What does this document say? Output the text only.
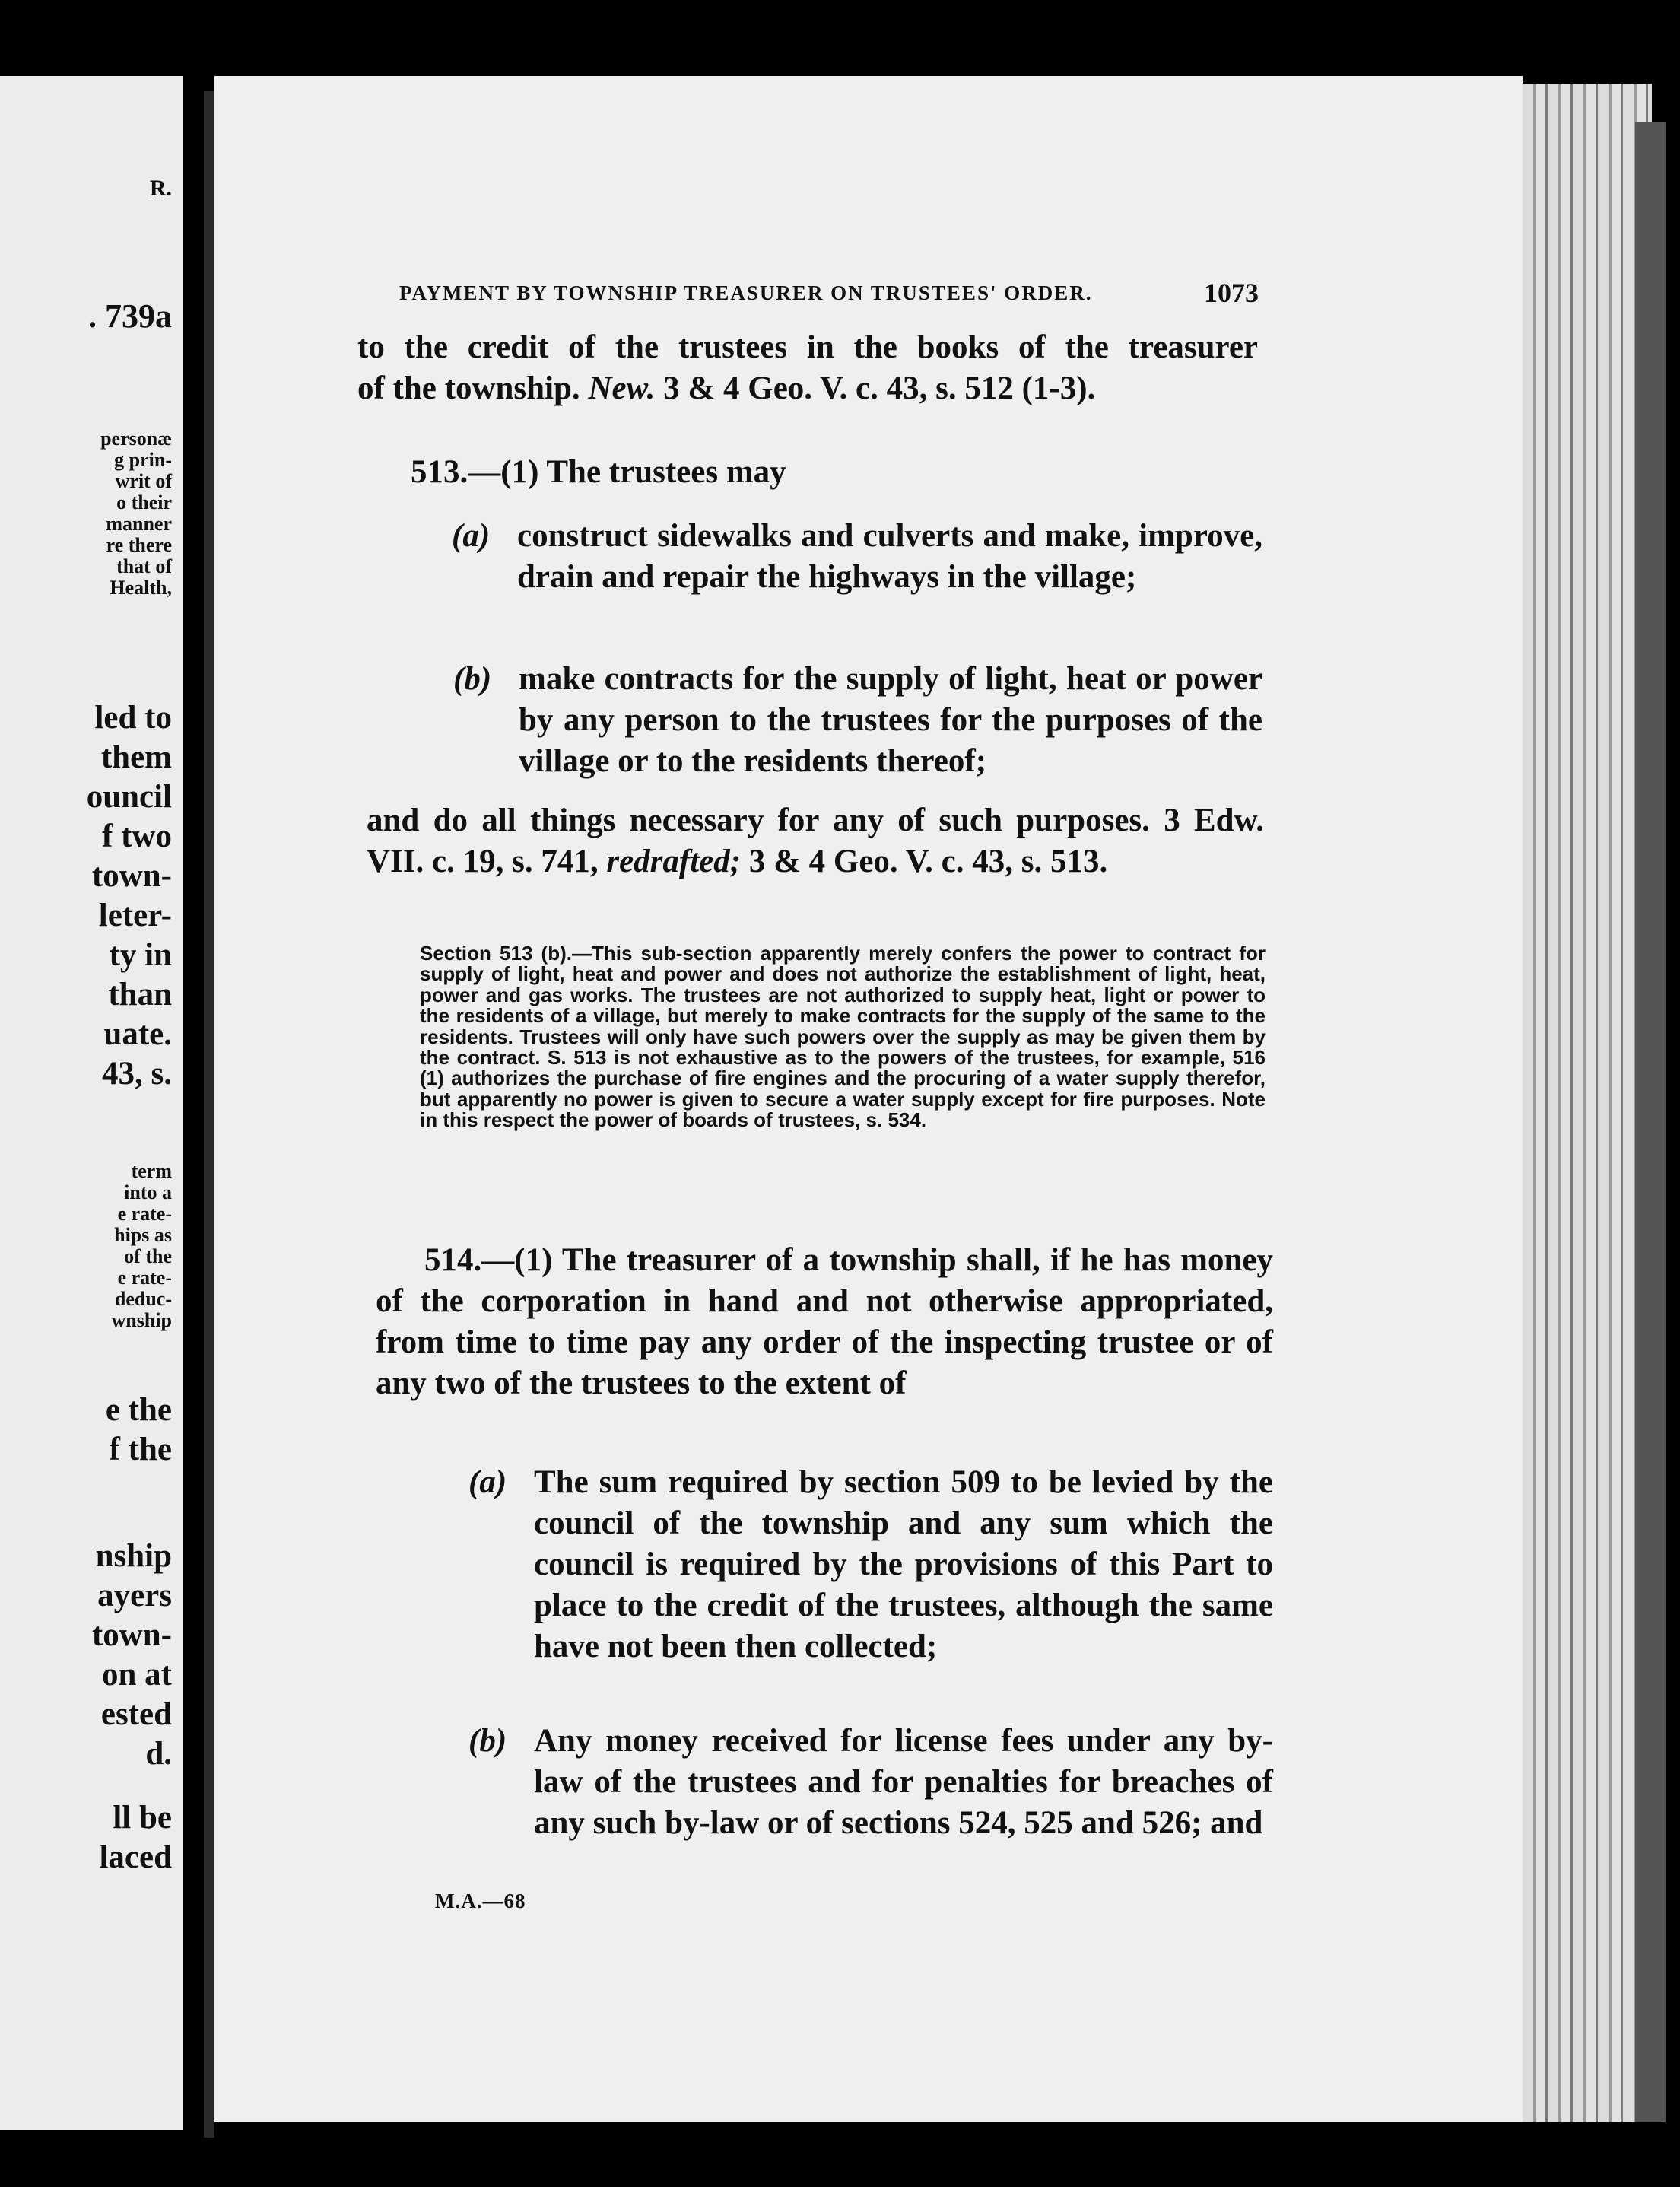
R.
. 739a
personæ
g prin-
writ of
o their
manner
re there
that of
Health,
led to
them
ouncil
f two
town-
leter-
ty in
than
uate.
43, s.
term
into a
e rate-
hips as
of the
e rate-
deduc-
wnship
e the
f the
nship
ayers
town-
on at
ested
d.
ll be
laced
PAYMENT BY TOWNSHIP TREASURER ON TRUSTEES' ORDER.	1073
to the credit of the trustees in the books of the treasurer
of the township. New. 3 & 4 Geo. V. c. 43, s. 512 (1-3).
513.—(1) The trustees may
(a) construct sidewalks and culverts and make, improve, drain and repair the highways in the village;
(b) make contracts for the supply of light, heat or power by any person to the trustees for the purposes of the village or to the residents thereof;
and do all things necessary for any of such purposes. 3 Edw. VII. c. 19, s. 741, redrafted; 3 & 4 Geo. V. c. 43, s. 513.
Section 513 (b).—This sub-section apparently merely confers the power to contract for supply of light, heat and power and does not authorize the establishment of light, heat, power and gas works. The trustees are not authorized to supply heat, light or power to the residents of a village, but merely to make contracts for the supply of the same to the residents. Trustees will only have such powers over the supply as may be given them by the contract. S. 513 is not exhaustive as to the powers of the trustees, for example, 516 (1) authorizes the purchase of fire engines and the procuring of a water supply therefor, but apparently no power is given to secure a water supply except for fire purposes. Note in this respect the power of boards of trustees, s. 534.
514.—(1) The treasurer of a township shall, if he has money of the corporation in hand and not otherwise appropriated, from time to time pay any order of the inspecting trustee or of any two of the trustees to the extent of
(a) The sum required by section 509 to be levied by the council of the township and any sum which the council is required by the provisions of this Part to place to the credit of the trustees, although the same have not been then collected;
(b) Any money received for license fees under any by-law of the trustees and for penalties for breaches of any such by-law or of sections 524, 525 and 526; and
M.A.—68
